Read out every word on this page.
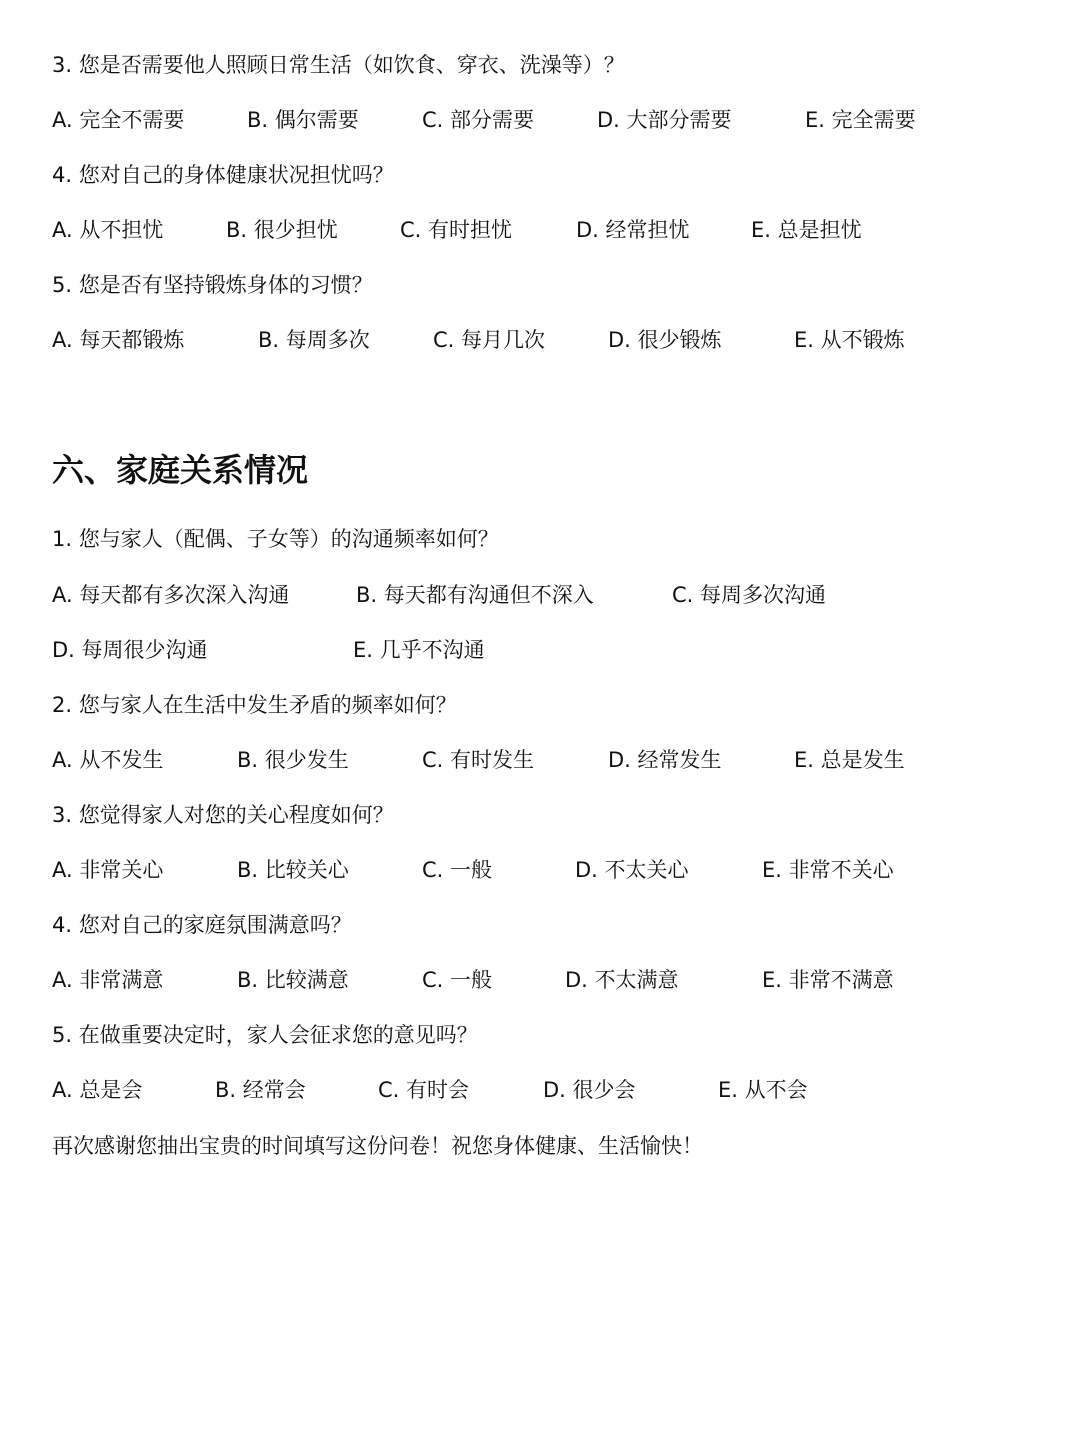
3. 您是否需要他人照顾日常生活（如饮食、穿衣、洗澡等）？
A. 完全不需要	B. 偶尔需要	C. 部分需要	D. 大部分需要	E. 完全需要
4. 您对自己的身体健康状况担忧吗？
A. 从不担忧	B. 很少担忧	C. 有时担忧	D. 经常担忧	E. 总是担忧
5. 您是否有坚持锻炼身体的习惯？
A. 每天都锻炼	B. 每周多次	C. 每月几次	D. 很少锻炼	E. 从不锻炼
六、家庭关系情况
1. 您与家人（配偶、子女等）的沟通频率如何？
A. 每天都有多次深入沟通	B. 每天都有沟通但不深入	C. 每周多次沟通
D. 每周很少沟通	E. 几乎不沟通
2. 您与家人在生活中发生矛盾的频率如何？
A. 从不发生	B. 很少发生	C. 有时发生	D. 经常发生	E. 总是发生
3. 您觉得家人对您的关心程度如何？
A. 非常关心	B. 比较关心	C. 一般	D. 不太关心	E. 非常不关心
4. 您对自己的家庭氛围满意吗？
A. 非常满意	B. 比较满意	C. 一般	D. 不太满意	E. 非常不满意
5. 在做重要决定时，家人会征求您的意见吗？
A. 总是会	B. 经常会	C. 有时会	D. 很少会	E. 从不会
再次感谢您抽出宝贵的时间填写这份问卷！祝您身体健康、生活愉快！
